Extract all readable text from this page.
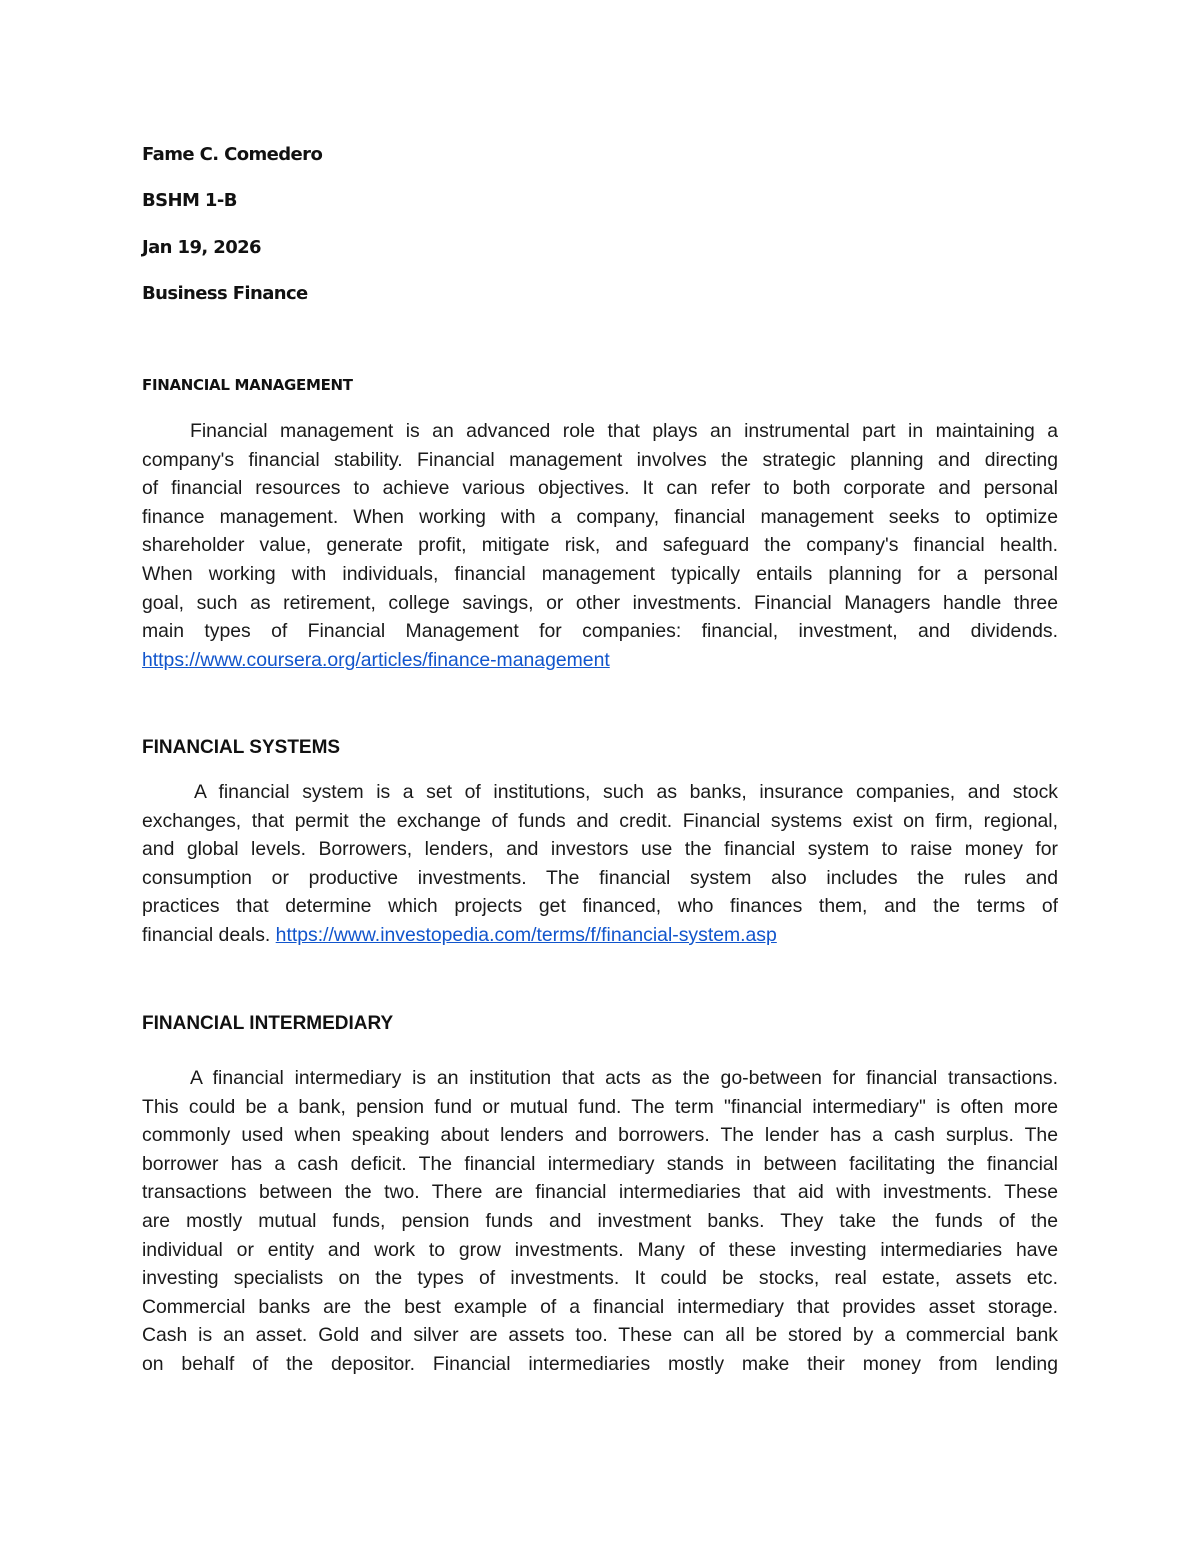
Fame C. Comedero
BSHM 1-B
Jan 19, 2026
Business Finance
FINANCIAL MANAGEMENT
Financial management is an advanced role that plays an instrumental part in maintaining a
company's financial stability. Financial management involves the strategic planning and directing
of financial resources to achieve various objectives. It can refer to both corporate and personal
finance management. When working with a company, financial management seeks to optimize
shareholder value, generate profit, mitigate risk, and safeguard the company's financial health.
When working with individuals, financial management typically entails planning for a personal
goal, such as retirement, college savings, or other investments. Financial Managers handle three
main types of Financial Management for companies: financial, investment, and dividends.
https://www.coursera.org/articles/finance-management
FINANCIAL SYSTEMS
A financial system is a set of institutions, such as banks, insurance companies, and stock
exchanges, that permit the exchange of funds and credit. Financial systems exist on firm, regional,
and global levels. Borrowers, lenders, and investors use the financial system to raise money for
consumption or productive investments. The financial system also includes the rules and
practices that determine which projects get financed, who finances them, and the terms of
financial deals. https://www.investopedia.com/terms/f/financial-system.asp
FINANCIAL INTERMEDIARY
A financial intermediary is an institution that acts as the go-between for financial transactions.
This could be a bank, pension fund or mutual fund. The term "financial intermediary" is often more
commonly used when speaking about lenders and borrowers. The lender has a cash surplus. The
borrower has a cash deficit. The financial intermediary stands in between facilitating the financial
transactions between the two. There are financial intermediaries that aid with investments. These
are mostly mutual funds, pension funds and investment banks. They take the funds of the
individual or entity and work to grow investments. Many of these investing intermediaries have
investing specialists on the types of investments. It could be stocks, real estate, assets etc.
Commercial banks are the best example of a financial intermediary that provides asset storage.
Cash is an asset. Gold and silver are assets too. These can all be stored by a commercial bank
on behalf of the depositor. Financial intermediaries mostly make their money from lending
